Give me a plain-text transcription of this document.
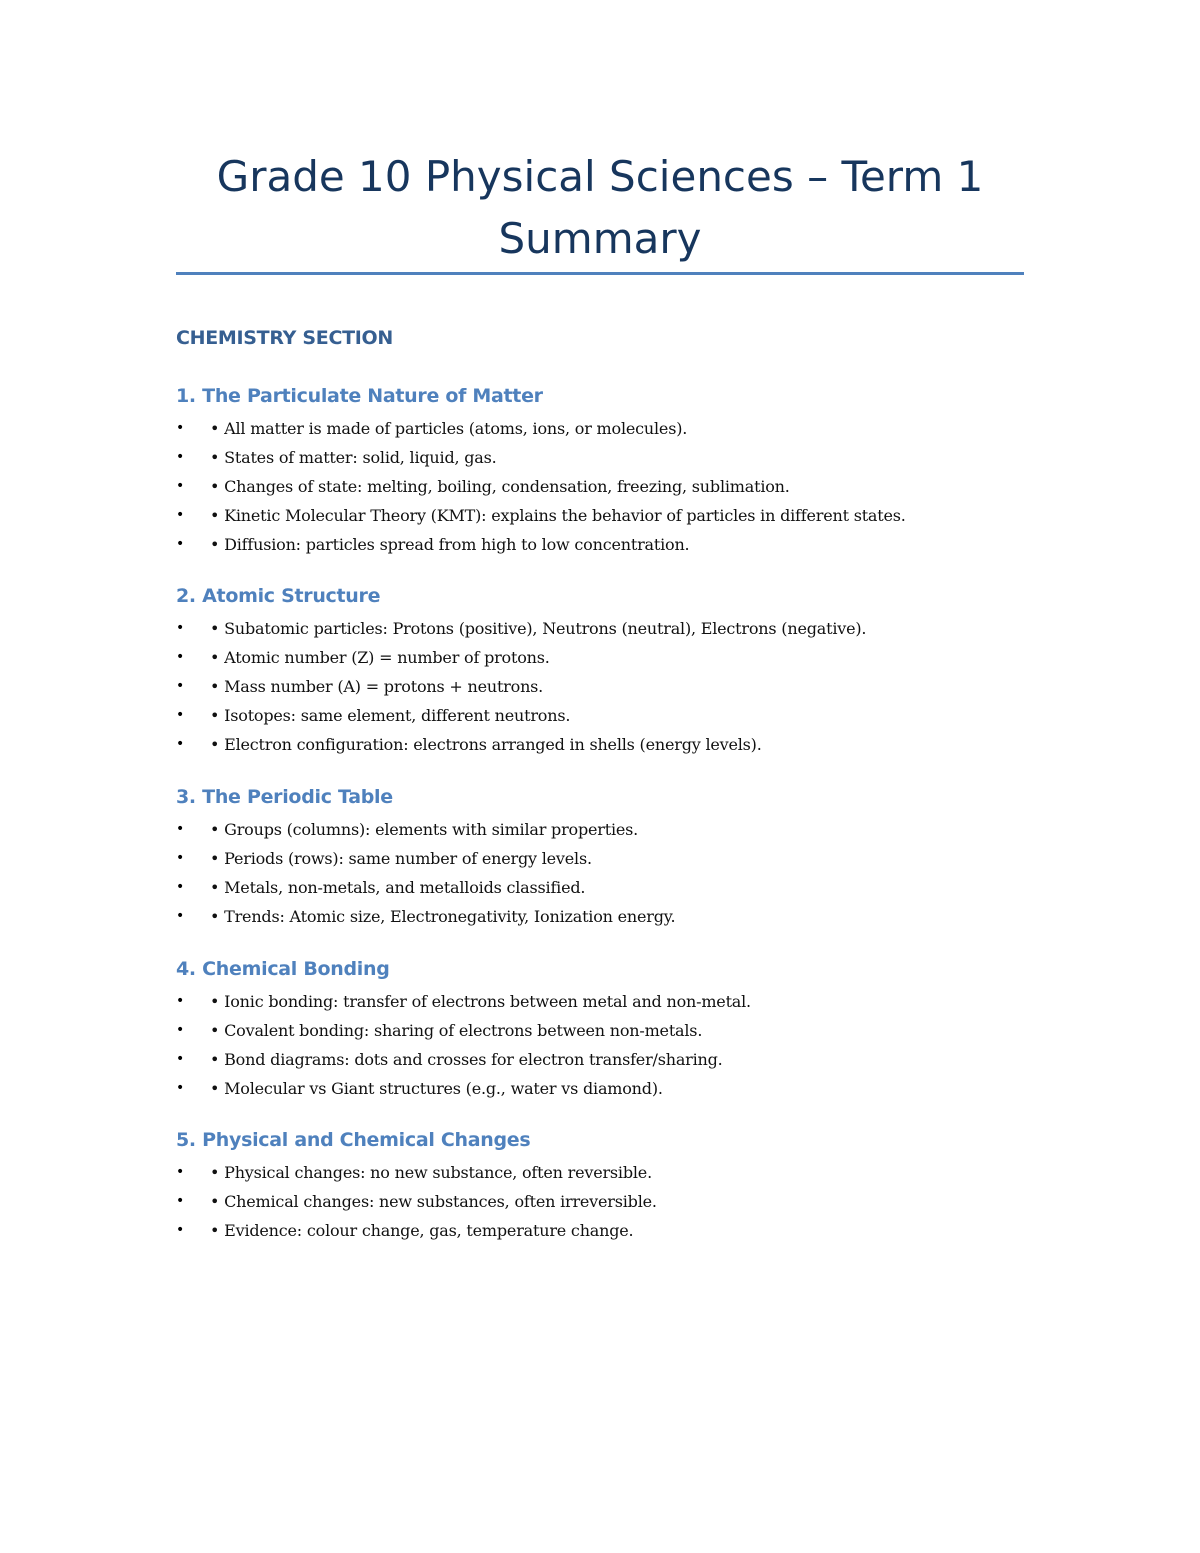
Grade 10 Physical Sciences – Term 1 Summary
CHEMISTRY SECTION
1. The Particulate Nature of Matter
• • All matter is made of particles (atoms, ions, or molecules).
• • States of matter: solid, liquid, gas.
• • Changes of state: melting, boiling, condensation, freezing, sublimation.
• • Kinetic Molecular Theory (KMT): explains the behavior of particles in different states.
• • Diffusion: particles spread from high to low concentration.
2. Atomic Structure
• • Subatomic particles: Protons (positive), Neutrons (neutral), Electrons (negative).
• • Atomic number (Z) = number of protons.
• • Mass number (A) = protons + neutrons.
• • Isotopes: same element, different neutrons.
• • Electron configuration: electrons arranged in shells (energy levels).
3. The Periodic Table
• • Groups (columns): elements with similar properties.
• • Periods (rows): same number of energy levels.
• • Metals, non-metals, and metalloids classified.
• • Trends: Atomic size, Electronegativity, Ionization energy.
4. Chemical Bonding
• • Ionic bonding: transfer of electrons between metal and non-metal.
• • Covalent bonding: sharing of electrons between non-metals.
• • Bond diagrams: dots and crosses for electron transfer/sharing.
• • Molecular vs Giant structures (e.g., water vs diamond).
5. Physical and Chemical Changes
• • Physical changes: no new substance, often reversible.
• • Chemical changes: new substances, often irreversible.
• • Evidence: colour change, gas, temperature change.
